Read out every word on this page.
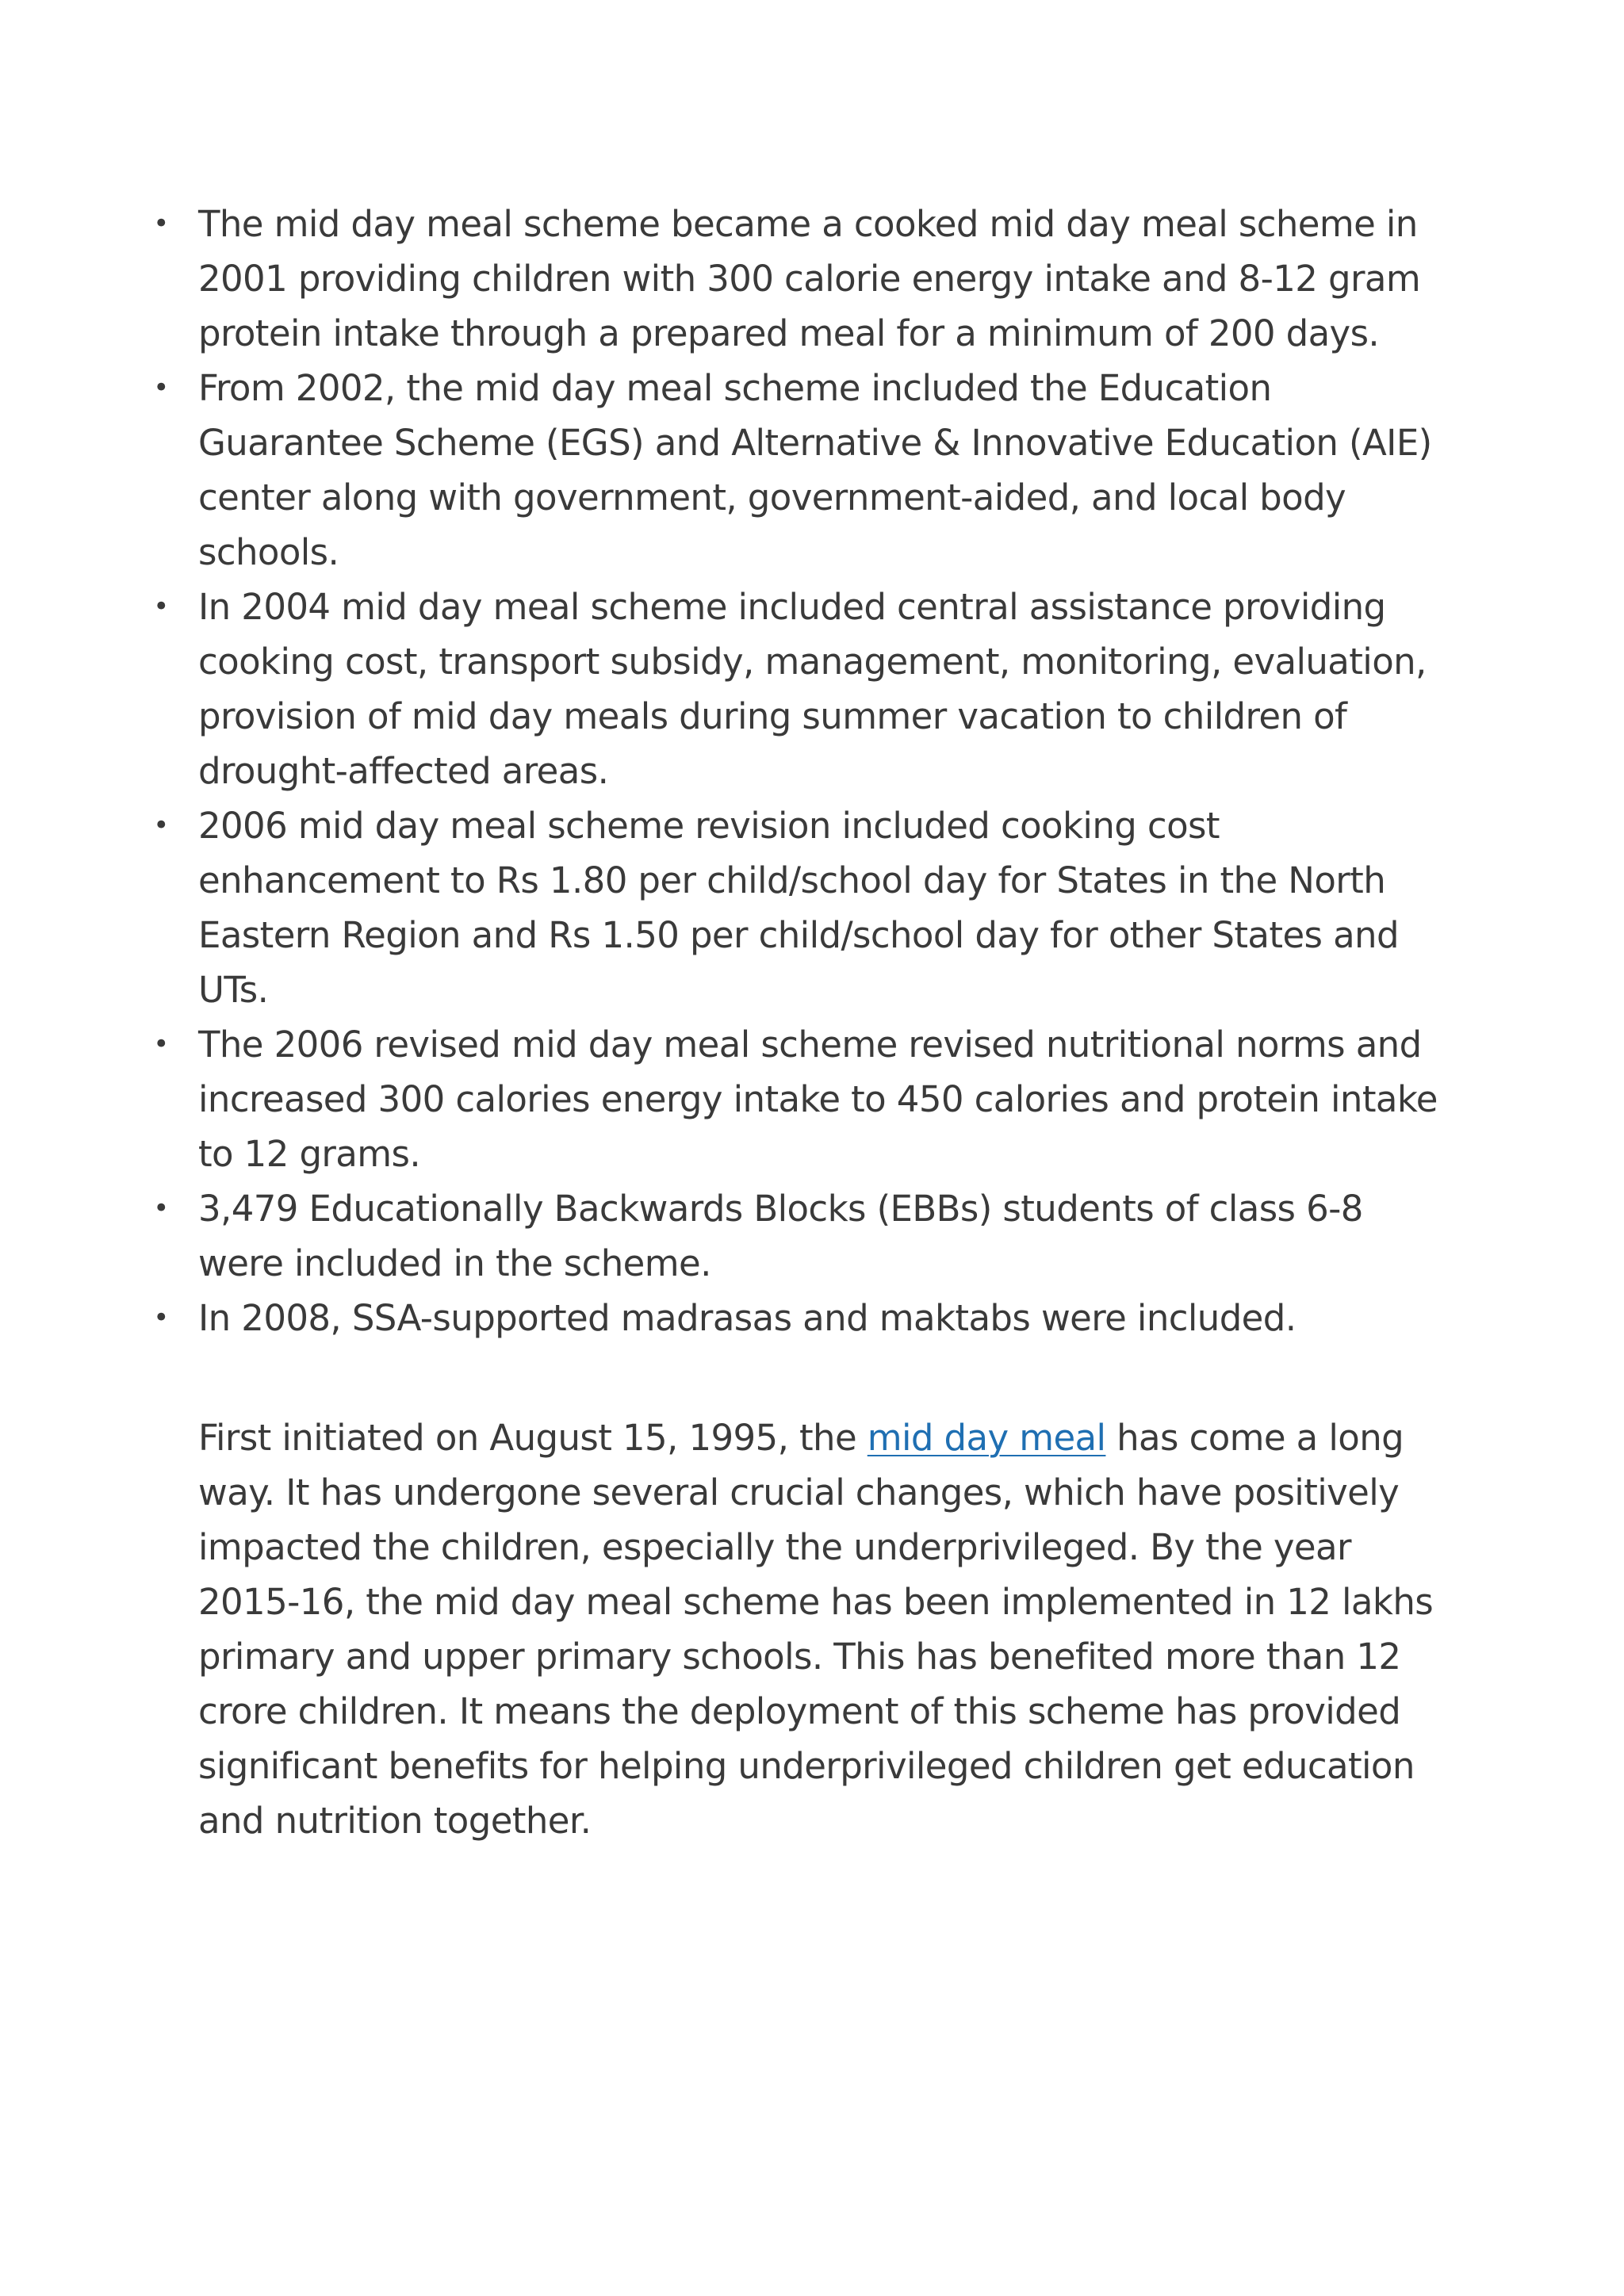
• The mid day meal scheme became a cooked mid day meal scheme in 2001 providing children with 300 calorie energy intake and 8-12 gram protein intake through a prepared meal for a minimum of 200 days.
• From 2002, the mid day meal scheme included the Education Guarantee Scheme (EGS) and Alternative & Innovative Education (AIE) center along with government, government-aided, and local body schools.
• In 2004 mid day meal scheme included central assistance providing cooking cost, transport subsidy, management, monitoring, evaluation, provision of mid day meals during summer vacation to children of drought-affected areas.
• 2006 mid day meal scheme revision included cooking cost enhancement to Rs 1.80 per child/school day for States in the North Eastern Region and Rs 1.50 per child/school day for other States and UTs.
• The 2006 revised mid day meal scheme revised nutritional norms and increased 300 calories energy intake to 450 calories and protein intake to 12 grams.
• 3,479 Educationally Backwards Blocks (EBBs) students of class 6-8 were included in the scheme.
• In 2008, SSA-supported madrasas and maktabs were included.

First initiated on August 15, 1995, the mid day meal has come a long way. It has undergone several crucial changes, which have positively impacted the children, especially the underprivileged. By the year 2015-16, the mid day meal scheme has been implemented in 12 lakhs primary and upper primary schools. This has benefited more than 12 crore children. It means the deployment of this scheme has provided significant benefits for helping underprivileged children get education and nutrition together.
